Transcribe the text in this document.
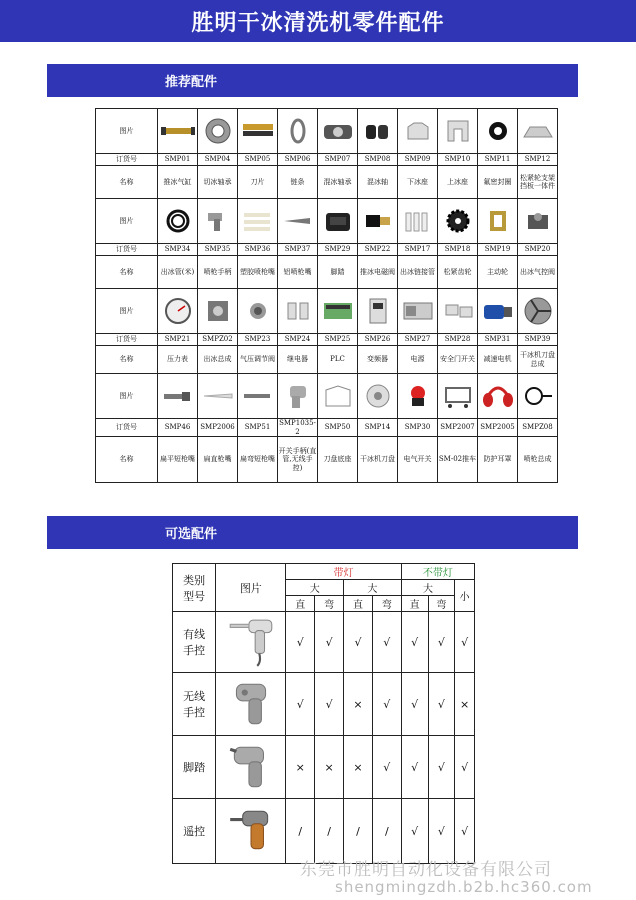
胜明干冰清洗机零件配件
推荐配件
图片	

订货号	SMP01	SMP04	SMP05	SMP06	SMP07	SMP08	SMP09	SMP10	SMP11	SMP12
名称	推冰气缸	切冰轴承	刀片	链条	混冰轴承	混冰轴	下冰座	上冰座	氟密封圈	松紧轮支架挡板一体件
图片	

订货号	SMP34	SMP35	SMP36	SMP37	SMP29	SMP22	SMP17	SMP18	SMP19	SMP20
名称	出冰管(米)	喷枪手柄	塑胶喷枪嘴	铝喷枪嘴	脚踏	推冰电磁阀	出冰链接管	松紧齿轮	主动轮	出冰气控阀
图片	

订货号	SMP21	SMPZ02	SMP23	SMP24	SMP25	SMP26	SMP27	SMP28	SMP31	SMP39
名称	压力表	出冰总成	气压调节阀	继电器	PLC	变频器	电源	安全门开关	减速电机	干冰机刀盘总成
图片	

订货号	SMP46	SMP2006	SMP51	SMP1035-2	SMP50	SMP14	SMP30	SMP2007	SMP2005	SMPZ08
名称	扁平短枪嘴	扁直枪嘴	扁弯短枪嘴	开关手柄(直管,无线手控)	刀盘底座	干冰机刀盘	电气开关	SM-02推车	防护耳罩	喷枪总成
可选配件
类别
型号	图片	带灯				不带灯		
		大		大		大		小
		直	弯	直	弯	直	弯	

有线
手控		√	√	√	√	√	√	√

无线
手控		√	√	×	√	√	√	×

脚踏		×	×	×	√	√	√	√

遥控		/	/	/	/	√	√	√
东莞市胜明自动化设备有限公司
shengmingzdh.b2b.hc360.com
